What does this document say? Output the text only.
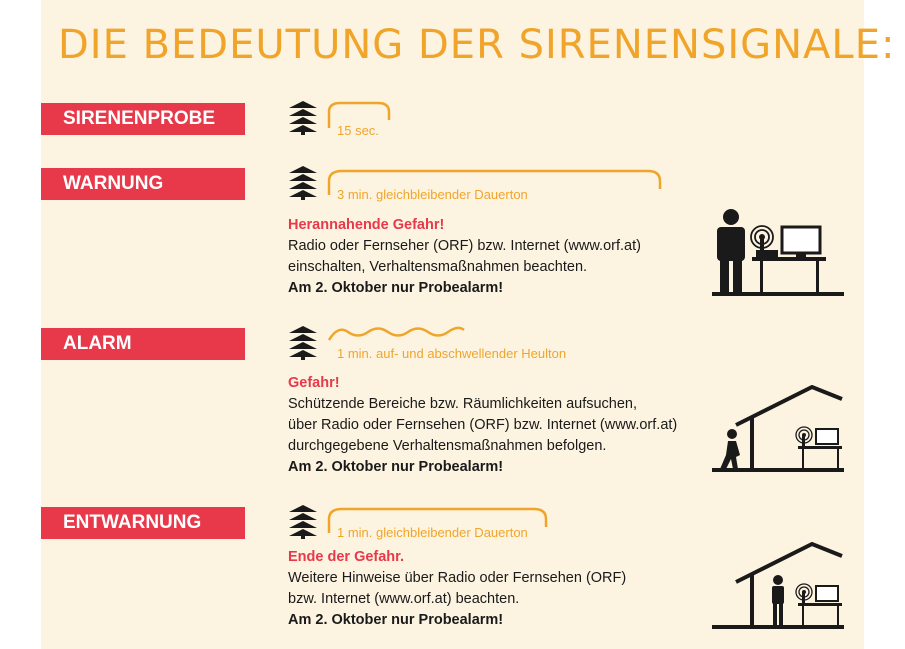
DIE BEDEUTUNG DER SIRENENSIGNALE:
SIRENENPROBE
15 sec.
WARNUNG
3 min. gleichbleibender Dauerton
Herannahende Gefahr!
Radio oder Fernseher (ORF) bzw. Internet (www.orf.at)
einschalten, Verhaltensmaßnahmen beachten.
Am 2. Oktober nur Probealarm!
ALARM	1 min. auf- und abschwellender Heulton
Gefahr!
Schützende Bereiche bzw. Räumlichkeiten aufsuchen,
über Radio oder Fernsehen (ORF) bzw. Internet (www.orf.at)
durchgegebene Verhaltensmaßnahmen befolgen.
Am 2. Oktober nur Probealarm!
ENTWARNUNG	1 min. gleichbleibender Dauerton
Ende der Gefahr.
Weitere Hinweise über Radio oder Fernsehen (ORF)
bzw. Internet (www.orf.at) beachten.
Am 2. Oktober nur Probealarm!
